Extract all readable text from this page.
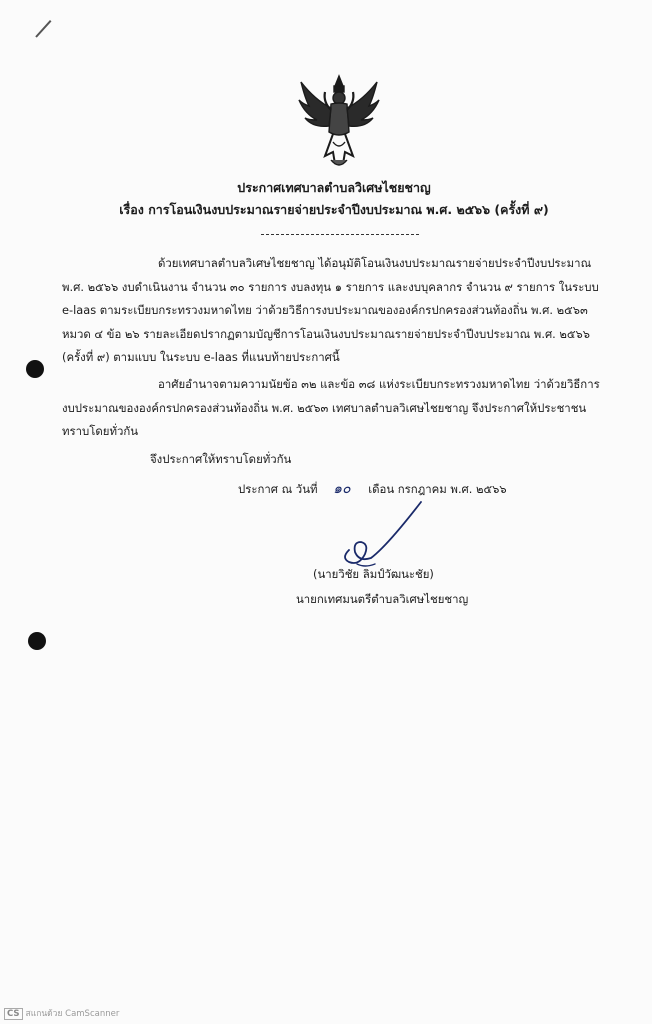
ประกาศเทศบาลตำบลวิเศษไชยชาญ
เรื่อง การโอนเงินงบประมาณรายจ่ายประจำปีงบประมาณ พ.ศ. ๒๕๖๖ (ครั้งที่ ๙)
ด้วยเทศบาลตำบลวิเศษไชยชาญ ได้อนุมัติโอนเงินงบประมาณรายจ่ายประจำปีงบประมาณ
พ.ศ. ๒๕๖๖ งบดำเนินงาน จำนวน ๓๐ รายการ งบลงทุน ๑ รายการ และงบบุคลากร จำนวน ๙ รายการ ในระบบ
e-laas ตามระเบียบกระทรวงมหาดไทย ว่าด้วยวิธีการงบประมาณขององค์กรปกครองส่วนท้องถิ่น พ.ศ. ๒๕๖๓
หมวด ๔ ข้อ ๒๖ รายละเอียดปรากฏตามบัญชีการโอนเงินงบประมาณรายจ่ายประจำปีงบประมาณ พ.ศ. ๒๕๖๖
(ครั้งที่ ๙) ตามแบบ ในระบบ e-laas ที่แนบท้ายประกาศนี้
อาศัยอำนาจตามความนัยข้อ ๓๒ และข้อ ๓๘ แห่งระเบียบกระทรวงมหาดไทย ว่าด้วยวิธีการ
งบประมาณขององค์กรปกครองส่วนท้องถิ่น พ.ศ. ๒๕๖๓ เทศบาลตำบลวิเศษไชยชาญ จึงประกาศให้ประชาชน
ทราบโดยทั่วกัน
จึงประกาศให้ทราบโดยทั่วกัน
ประกาศ ณ วันที่ ๑๐ เดือน กรกฎาคม พ.ศ. ๒๕๖๖
(นายวิชัย ลิมป์วัฒนะชัย)
นายกเทศมนตรีตำบลวิเศษไชยชาญ
CS สแกนด้วย CamScanner
